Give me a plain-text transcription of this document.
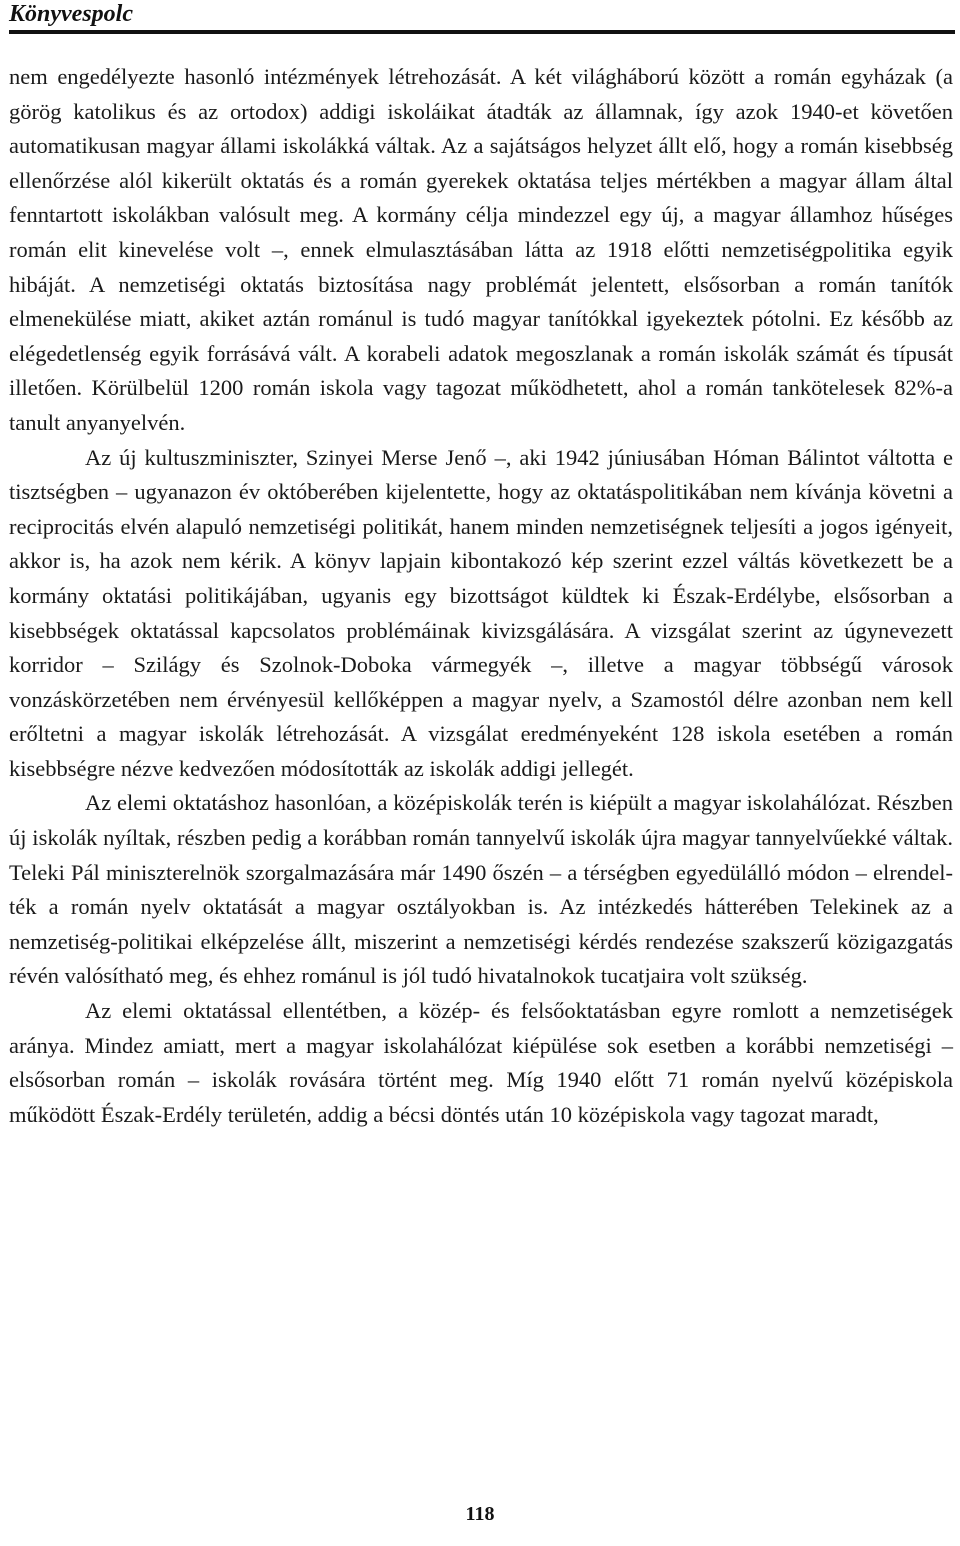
Könyvespolc

nem engedélyezte hasonló intézmények létrehozását. A két világháború között a román egyházak (a görög katolikus és az ortodox) addigi iskoláikat átadták az államnak, így azok 1940-et követően automatikusan magyar állami iskolákká váltak. Az a sajátságos helyzet állt elő, hogy a román kisebbség ellenőrzése alól kikerült oktatás és a román gyerekek oktatása teljes mértékben a magyar állam által fenntartott iskolákban valósult meg. A kormány célja mindezzel egy új, a magyar államhoz hűséges román elit kinevelése volt –, ennek elmulasztásában látta az 1918 előtti nemzetiségpolitika egyik hibáját. A nemzetiségi oktatás biztosítása nagy problémát jelentett, elsősorban a román tanítók elmenekülése miatt, akiket aztán románul is tudó magyar tanítókkal igyekeztek pótolni. Ez később az elégedetlenség egyik forrásává vált. A korabeli adatok megoszlanak a román iskolák számát és típusát illetően. Körülbelül 1200 román iskola vagy tagozat működhetett, ahol a román tankötelesek 82%-a tanult anyanyelvén.

Az új kultuszminiszter, Szinyei Merse Jenő –, aki 1942 júniusában Hóman Bálintot váltotta e tisztségben – ugyanazon év októberében kijelentette, hogy az oktatáspolitikában nem kívánja követni a reciprocitás elvén alapuló nemzetiségi politikát, hanem minden nemzetiségnek teljesíti a jogos igényeit, akkor is, ha azok nem kérik. A könyv lapjain kibontakozó kép szerint ezzel váltás következett be a kormány oktatási politikájában, ugyanis egy bizottságot küldtek ki Észak-Erdélybe, elsősorban a kisebbségek oktatással kapcsolatos problémáinak kivizsgálására. A vizsgálat szerint az úgynevezett korridor – Szilágy és Szolnok-Doboka vármegyék –, illetve a magyar többségű városok vonzáskörzetében nem érvényesül kellőképpen a magyar nyelv, a Szamostól délre azonban nem kell erőltetni a magyar iskolák létrehozását. A vizsgálat eredményeként 128 iskola esetében a román kisebbségre nézve kedvezően módosították az iskolák addigi jellegét.

Az elemi oktatáshoz hasonlóan, a középiskolák terén is kiépült a magyar iskolahálózat. Részben új iskolák nyíltak, részben pedig a korábban román tannyelvű iskolák újra magyar tannyelvűekké váltak. Teleki Pál miniszterelnök szorgalmazására már 1490 őszén – a térségben egyedülálló módon – elrendelték a román nyelv oktatását a magyar osztályokban is. Az intézkedés hátterében Telekinek az a nemzetiség-politikai elképzelése állt, miszerint a nemzetiségi kérdés rendezése szakszerű közigazgatás révén valósítható meg, és ehhez románul is jól tudó hivatalnokok tucatjaira volt szükség.

Az elemi oktatással ellentétben, a közép- és felsőoktatásban egyre romlott a nemzetiségek aránya. Mindez amiatt, mert a magyar iskolahálózat kiépülése sok esetben a korábbi nemzetiségi – elsősorban román – iskolák rovására történt meg. Míg 1940 előtt 71 román nyelvű középiskola működött Észak-Erdély területén, addig a bécsi döntés után 10 középiskola vagy tagozat maradt,

118
